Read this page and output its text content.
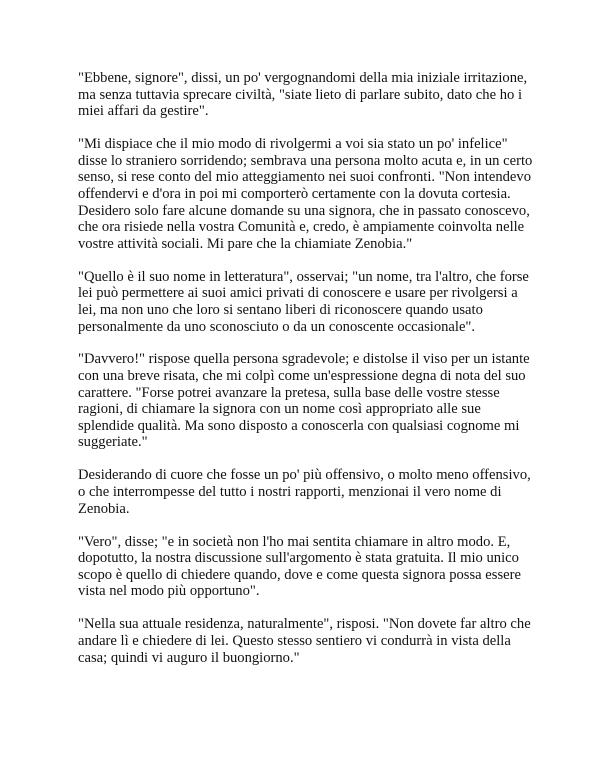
"Ebbene, signore", dissi, un po' vergognandomi della mia iniziale irritazione, ma senza tuttavia sprecare civiltà, "siate lieto di parlare subito, dato che ho i miei affari da gestire".

"Mi dispiace che il mio modo di rivolgermi a voi sia stato un po' infelice" disse lo straniero sorridendo; sembrava una persona molto acuta e, in un certo senso, si rese conto del mio atteggiamento nei suoi confronti. "Non intendevo offendervi e d'ora in poi mi comporterò certamente con la dovuta cortesia. Desidero solo fare alcune domande su una signora, che in passato conoscevo, che ora risiede nella vostra Comunità e, credo, è ampiamente coinvolta nelle vostre attività sociali. Mi pare che la chiamiate Zenobia."

"Quello è il suo nome in letteratura", osservai; "un nome, tra l'altro, che forse lei può permettere ai suoi amici privati di conoscere e usare per rivolgersi a lei, ma non uno che loro si sentano liberi di riconoscere quando usato personalmente da uno sconosciuto o da un conoscente occasionale".

"Davvero!" rispose quella persona sgradevole; e distolse il viso per un istante con una breve risata, che mi colpì come un'espressione degna di nota del suo carattere. "Forse potrei avanzare la pretesa, sulla base delle vostre stesse ragioni, di chiamare la signora con un nome così appropriato alle sue splendide qualità. Ma sono disposto a conoscerla con qualsiasi cognome mi suggeriate."

Desiderando di cuore che fosse un po' più offensivo, o molto meno offensivo, o che interrompesse del tutto i nostri rapporti, menzionai il vero nome di Zenobia.

"Vero", disse; "e in società non l'ho mai sentita chiamare in altro modo. E, dopotutto, la nostra discussione sull'argomento è stata gratuita. Il mio unico scopo è quello di chiedere quando, dove e come questa signora possa essere vista nel modo più opportuno".

"Nella sua attuale residenza, naturalmente", risposi. "Non dovete far altro che andare lì e chiedere di lei. Questo stesso sentiero vi condurrà in vista della casa; quindi vi auguro il buongiorno."
